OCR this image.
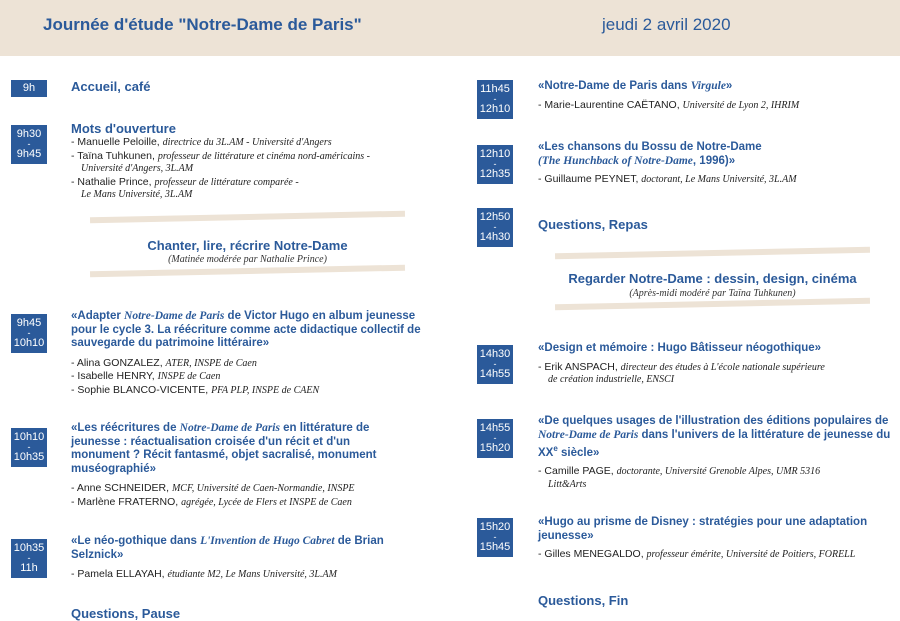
Journée d'étude "Notre-Dame de Paris"	jeudi 2 avril 2020
9h	Accueil, café
9h30
-
9h45
Mots d'ouverture
- Manuelle Peloille, directrice du 3L.AM - Université d'Angers
- Taïna Tuhkunen, professeur de littérature et cinéma nord-américains -
Université d'Angers, 3L.AM
- Nathalie Prince, professeur de littérature comparée -
Le Mans Université, 3L.AM
Chanter, lire, récrire Notre-Dame
(Matinée modérée par Nathalie Prince)
9h45
-
10h10
«Adapter Notre-Dame de Paris de Victor Hugo en album jeunesse pour le cycle 3. La réécriture comme acte didactique collectif de sauvegarde du patrimoine littéraire»
- Alina GONZALEZ, ATER, INSPE de Caen
- Isabelle HENRY, INSPE de Caen
- Sophie BLANCO-VICENTE, PFA PLP, INSPE de CAEN
10h10
-
10h35
«Les réécritures de Notre-Dame de Paris en littérature de jeunesse : réactualisation croisée d'un récit et d'un monument ? Récit fantasmé, objet sacralisé, monument muséographié»
- Anne SCHNEIDER, MCF, Université de Caen-Normandie, INSPE
- Marlène FRATERNO, agrégée, Lycée de Flers et INSPE de Caen
10h35
-
11h
«Le néo-gothique dans L'Invention de Hugo Cabret de Brian Selznick»
- Pamela ELLAYAH, étudiante M2, Le Mans Université, 3L.AM
Questions, Pause
11h45
-
12h10
«Notre-Dame de Paris dans Virgule»
- Marie-Laurentine CAËTANO, Université de Lyon 2, IHRIM
12h10
-
12h35
«Les chansons du Bossu de Notre-Dame
(The Hunchback of Notre-Dame, 1996)»
- Guillaume PEYNET, doctorant, Le Mans Université, 3L.AM
12h50
-
14h30
Questions, Repas
Regarder Notre-Dame : dessin, design, cinéma
(Après-midi modéré par Taïna Tuhkunen)
14h30
-
14h55
«Design et mémoire : Hugo Bâtisseur néogothique»
- Erik ANSPACH, directeur des études à L'école nationale supérieure
de création industrielle, ENSCI
14h55
-
15h20
«De quelques usages de l'illustration des éditions populaires de Notre-Dame de Paris dans l'univers de la littérature de jeunesse du XXe siècle»
- Camille PAGE, doctorante, Université Grenoble Alpes, UMR 5316
Litt&Arts
15h20
-
15h45
«Hugo au prisme de Disney : stratégies pour une adaptation jeunesse»
- Gilles MENEGALDO, professeur émérite, Université de Poitiers, FORELL
Questions, Fin
